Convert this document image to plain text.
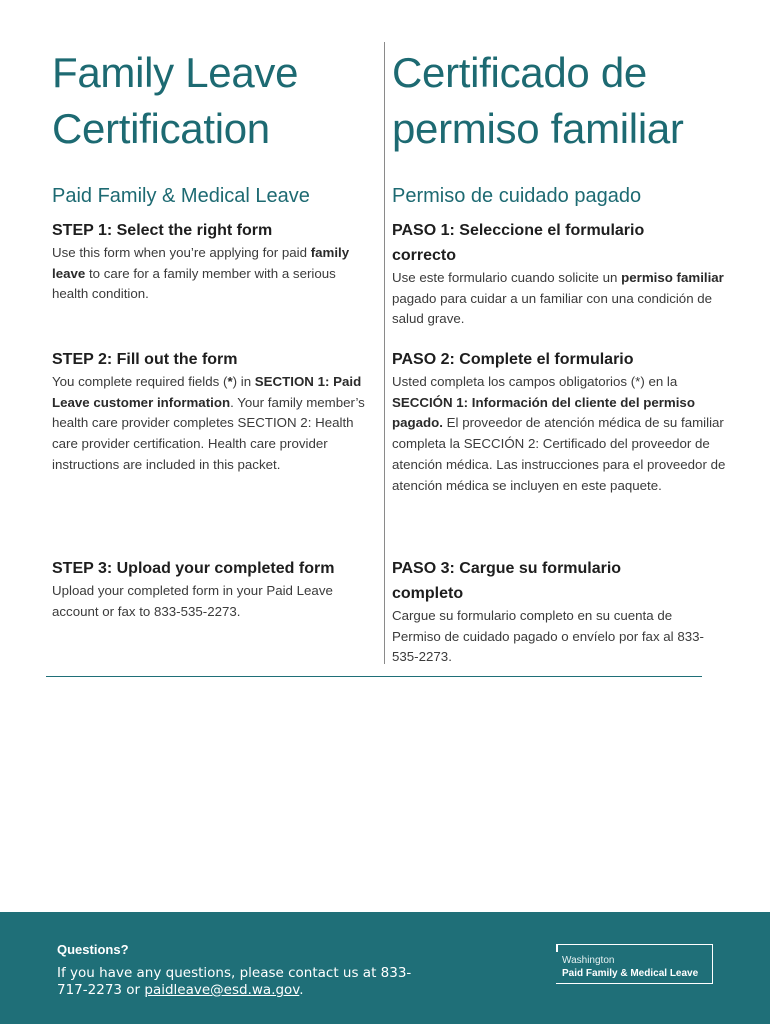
Family Leave
Certification
Paid Family & Medical Leave
STEP 1: Select the right form
Use this form when you’re applying for paid family leave to care for a family member with a serious health condition.
STEP 2: Fill out the form
You complete required fields (*) in SECTION 1: Paid Leave customer information. Your family member’s health care provider completes SECTION 2: Health care provider certification. Health care provider instructions are included in this packet.
STEP 3: Upload your completed form
Upload your completed form in your Paid Leave account or fax to 833-535-2273.
Certificado de
permiso familiar
Permiso de cuidado pagado
PASO 1: Seleccione el formulario correcto
Use este formulario cuando solicite un permiso familiar pagado para cuidar a un familiar con una condición de salud grave.
PASO 2: Complete el formulario
Usted completa los campos obligatorios (*) en la SECCIÓN 1: Información del cliente del permiso pagado. El proveedor de atención médica de su familiar completa la SECCIÓN 2: Certificado del proveedor de atención médica. Las instrucciones para el proveedor de atención médica se incluyen en este paquete.
PASO 3: Cargue su formulario completo
Cargue su formulario completo en su cuenta de Permiso de cuidado pagado o envíelo por fax al 833-535-2273.
Questions?
If you have any questions, please contact us at 833-717-2273 or paidleave@esd.wa.gov.
Washington
Paid Family & Medical Leave
